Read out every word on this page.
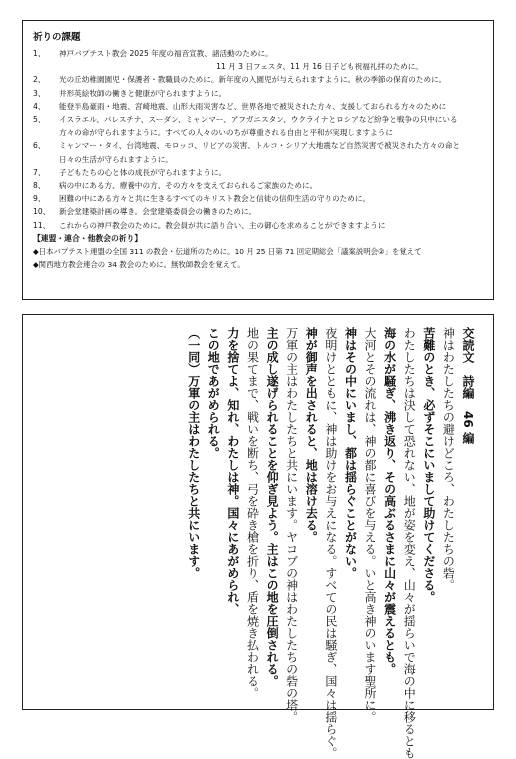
祈りの課題
1、	神戸バプテスト教会 2025 年度の福音宣教、諸活動のために。
11 月 3 日フェスタ、11 月 16 日子ども祝福礼拝のために。
2、	光の丘幼稚園園児・保護者・教職員のために。新年度の入園児が与えられますように。秋の季節の保育のために。
3、	井形英絵牧師の働きと健康が守られますように。
4、	能登半島豪雨・地震、宮崎地震、山形大雨災害など、世界各地で被災された方々、支援しておられる方々のために
5、	イスラエル、パレスチナ、スーダン、ミャンマー、アフガニスタン、ウクライナとロシアなど紛争と戦争の只中にいる
方々の命が守られますように。すべての人々のいのちが尊重される自由と平和が実現しますように
6、	ミャンマー・タイ、台湾地震、モロッコ、リビアの災害、トルコ・シリア大地震など自然災害で被災された方々の命と
日々の生活が守られますように。
7、	子どもたちの心と体の成長が守られますように。
8、	病の中にある方、療養中の方、その方々を支えておられるご家族のために。
9、	困難の中にある方々と共に生きるすべてのキリスト教会と信徒の信仰生活の守りのために。
10、	新会堂建築計画の導き。会堂建築委員会の働きのために。
11、	これからの神戸教会のために。教会員が共に語り合い、主の御心を求めることができますように
【連盟・連合・他教会の祈り】
◆日本バプテスト連盟の全国 311 の教会・伝道所のために。10 月 25 日第 71 回定期総会「議案説明会②」を覚えて
◆関西地方教会連合の 34 教会のために。無牧師教会を覚えて。
交読文　詩編　46 編
神はわたしたちの避けどころ、わたしたちの砦。
苦難のとき、必ずそこにいまして助けてくださる。
わたしたちは決して恐れない、地が姿を変え、山々が揺らいで海の中に移るとも
海の水が騒ぎ、沸き返り、その高ぶるさまに山々が震えるとも。
大河とその流れは、神の都に喜びを与える。いと高き神のいます聖所に。
神はその中にいまし、都は揺らぐことがない。
夜明けとともに、神は助けをお与えになる。すべての民は騒ぎ、国々は揺らぐ。
神が御声を出されると、地は溶け去る。
万軍の主はわたしたちと共にいます。ヤコブの神はわたしたちの砦の塔。
主の成し遂げられることを仰ぎ見よう。主はこの地を圧倒される。
地の果てまで、戦いを断ち、弓を砕き槍を折り、盾を焼き払われる。
力を捨てよ、知れ、わたしは神。国々にあがめられ、
この地であがめられる。
（一同）万軍の主はわたしたちと共にいます。
